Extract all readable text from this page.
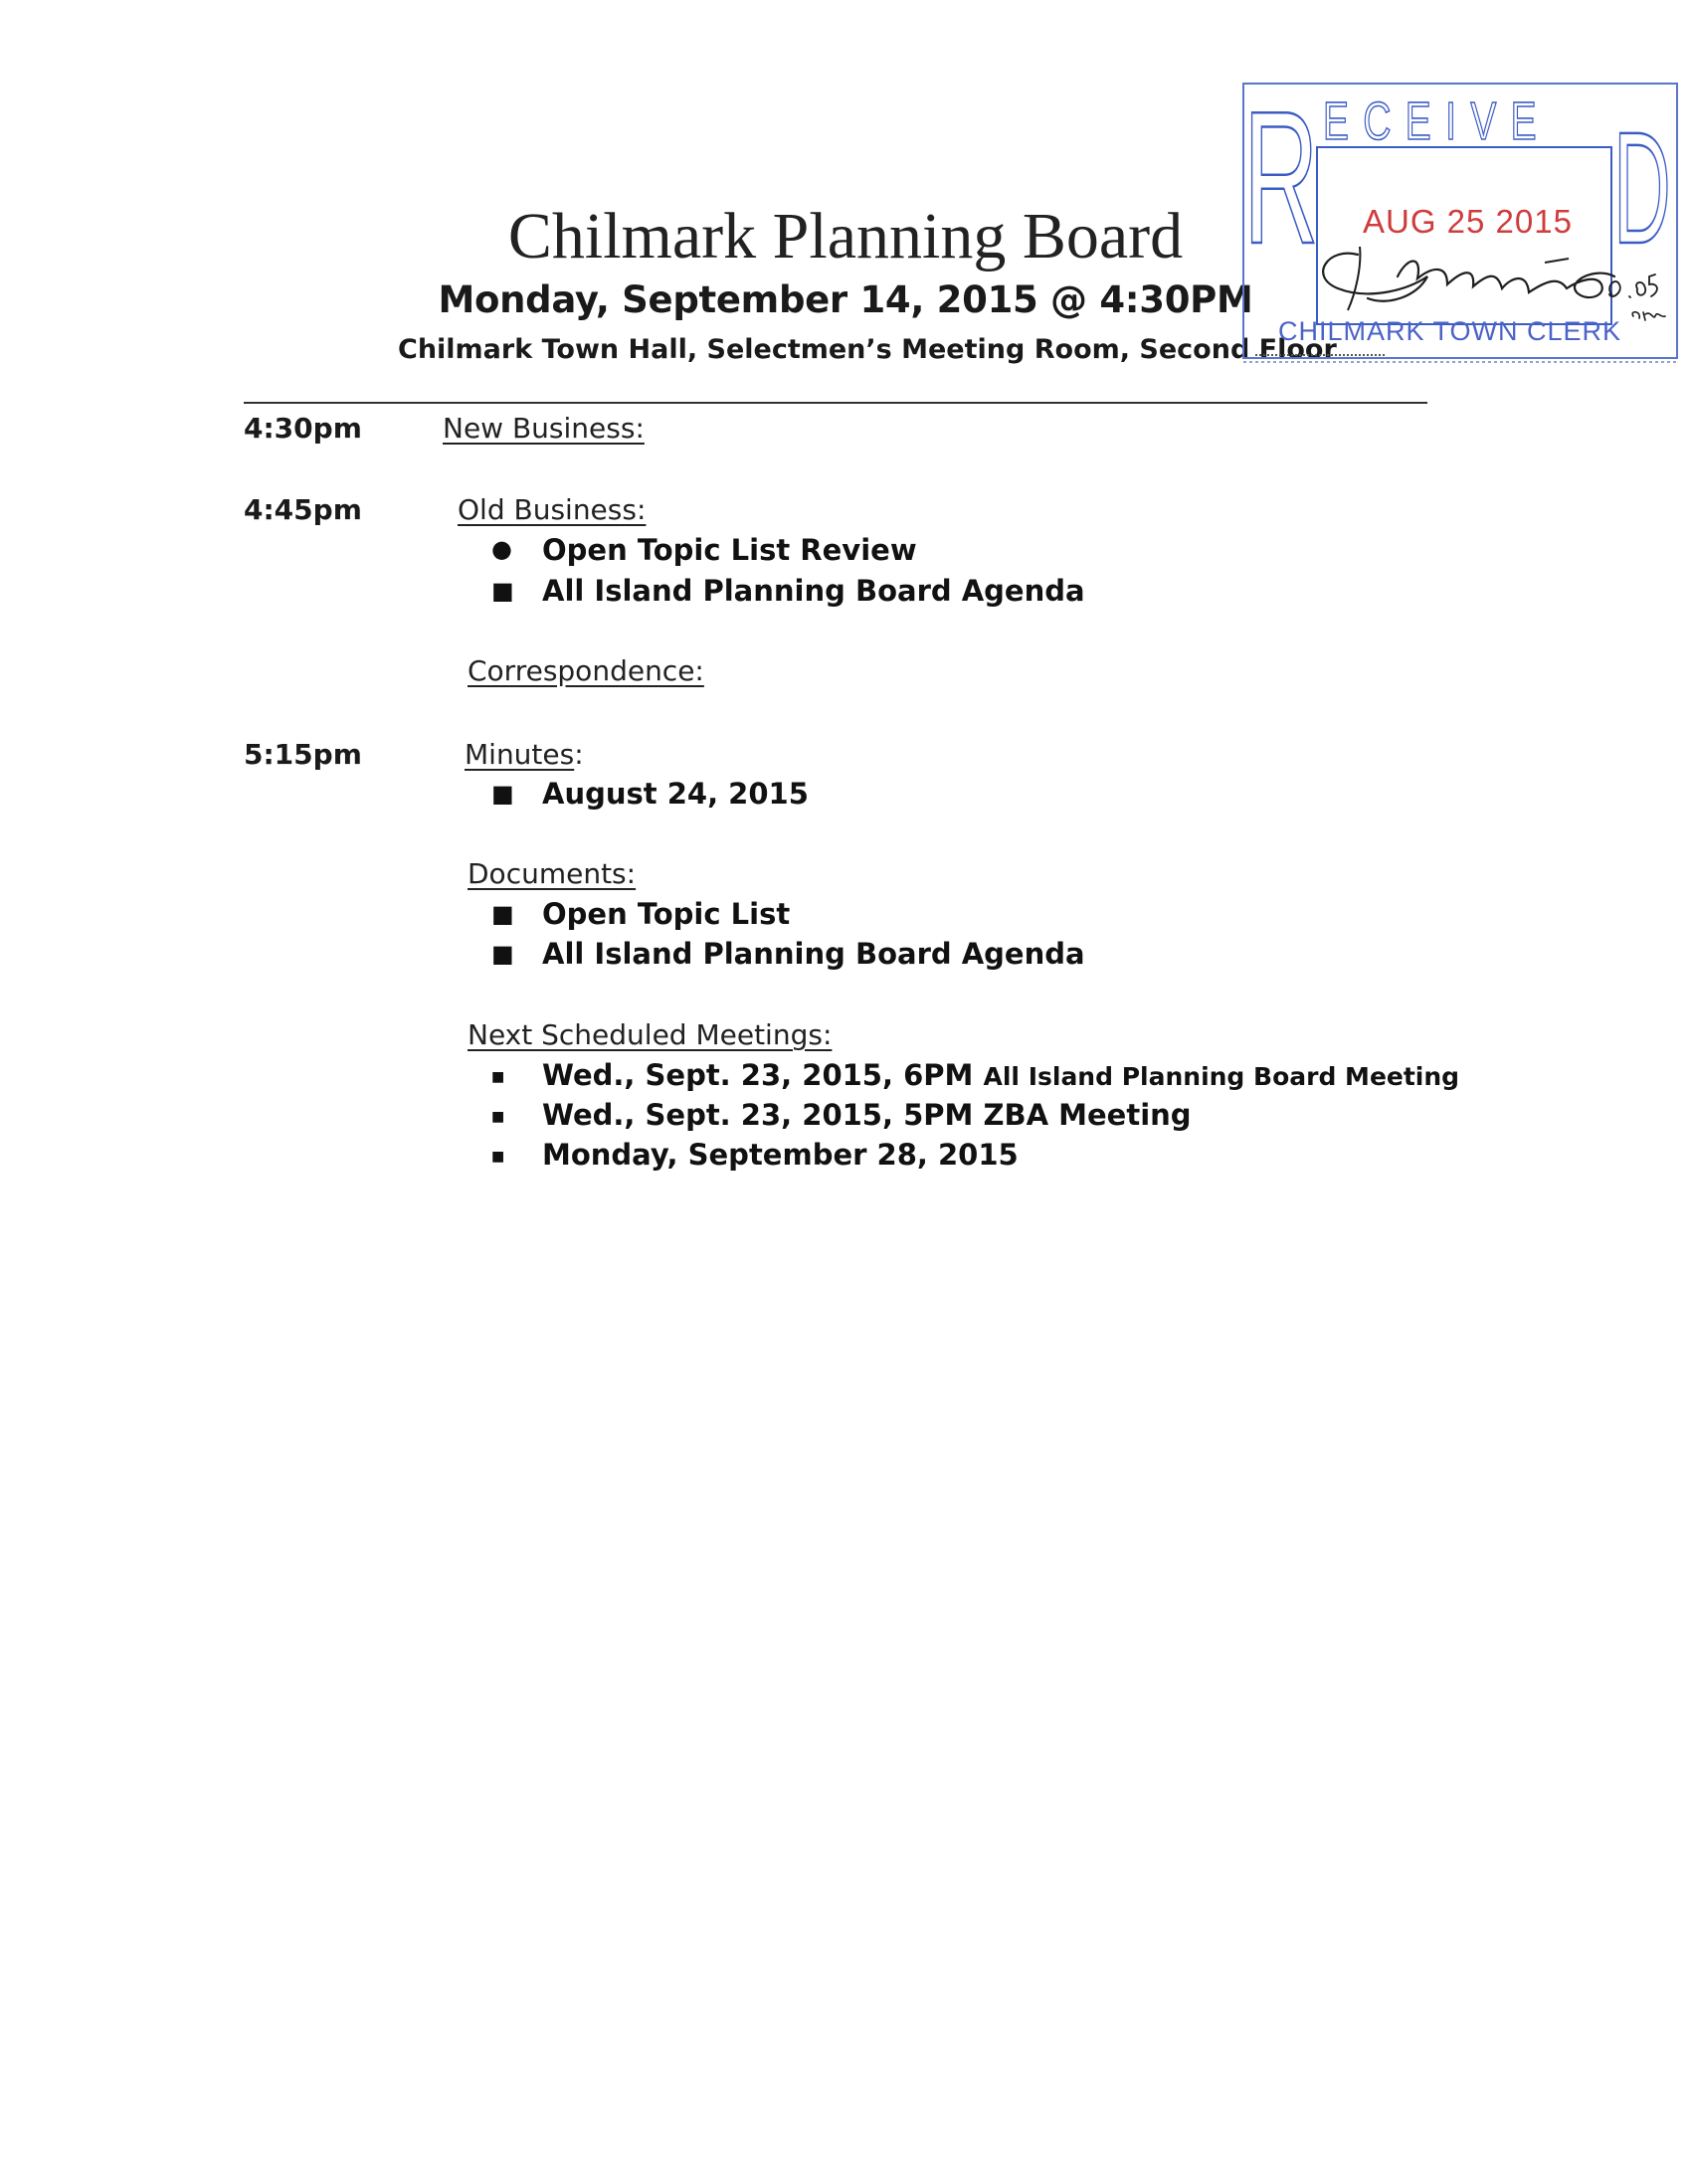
Chilmark Planning Board
Monday, September 14, 2015 @ 4:30PM
Chilmark Town Hall, Selectmen’s Meeting Room, Second Floor
R ECEIVE D
AUG 25 2015
CHILMARK TOWN CLERK
4:30pm	New Business:
4:45pm	Old Business:
● Open Topic List Review
■ All Island Planning Board Agenda
Correspondence:
5:15pm	Minutes:
■ August 24, 2015
Documents:
■ Open Topic List
■ All Island Planning Board Agenda
Next Scheduled Meetings:
■ Wed., Sept. 23, 2015, 6PM All Island Planning Board Meeting
■ Wed., Sept. 23, 2015, 5PM ZBA Meeting
■ Monday, September 28, 2015
